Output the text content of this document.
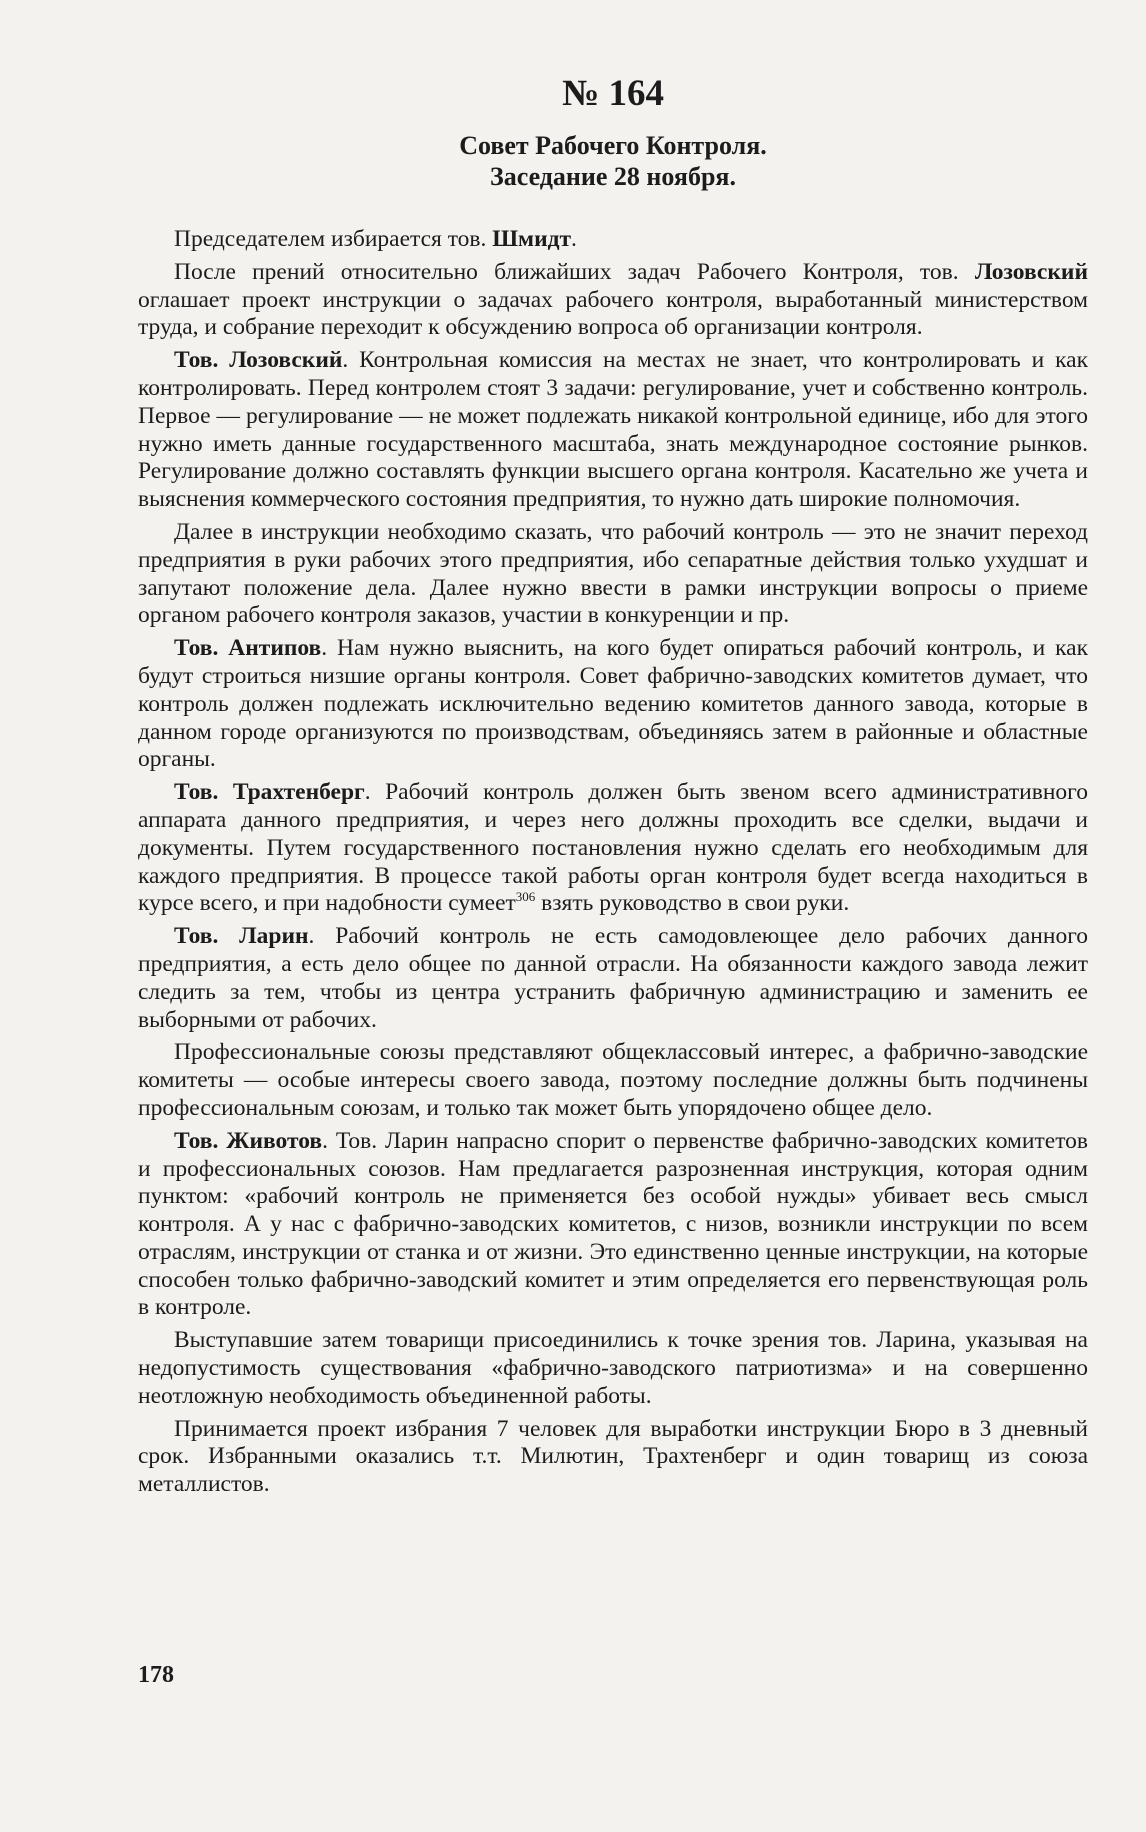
№ 164
Совет Рабочего Контроля.
Заседание 28 ноября.

Председателем избирается тов. Шмидт.

После прений относительно ближайших задач Рабочего Контроля, тов. Лозовский оглашает проект инструкции о задачах рабочего контроля, выработанный министерством труда, и собрание переходит к обсуждению вопроса об организации контроля.

Тов. Лозовский. Контрольная комиссия на местах не знает, что контролировать и как контролировать. Перед контролем стоят 3 задачи: регулирование, учет и собственно контроль. Первое — регулирование — не может подлежать никакой контрольной единице, ибо для этого нужно иметь данные государственного масштаба, знать международное состояние рынков. Регулирование должно составлять функции высшего органа контроля. Касательно же учета и выяснения коммерческого состояния предприятия, то нужно дать широкие полномочия.

Далее в инструкции необходимо сказать, что рабочий контроль — это не значит переход предприятия в руки рабочих этого предприятия, ибо сепаратные действия только ухудшат и запутают положение дела. Далее нужно ввести в рамки инструкции вопросы о приеме органом рабочего контроля заказов, участии в конкуренции и пр.

Тов. Антипов. Нам нужно выяснить, на кого будет опираться рабочий контроль, и как будут строиться низшие органы контроля. Совет фабрично-заводских комитетов думает, что контроль должен подлежать исключительно ведению комитетов данного завода, которые в данном городе организуются по производствам, объединяясь затем в районные и областные органы.

Тов. Трахтенберг. Рабочий контроль должен быть звеном всего административного аппарата данного предприятия, и через него должны проходить все сделки, выдачи и документы. Путем государственного постановления нужно сделать его необходимым для каждого предприятия. В процессе такой работы орган контроля будет всегда находиться в курсе всего, и при надобности сумеет$^{306}$ взять руководство в свои руки.

Тов. Ларин. Рабочий контроль не есть самодовлеющее дело рабочих данного предприятия, а есть дело общее по данной отрасли. На обязанности каждого завода лежит следить за тем, чтобы из центра устранить фабричную администрацию и заменить ее выборными от рабочих.

Профессиональные союзы представляют общеклассовый интерес, а фабрично-заводские комитеты — особые интересы своего завода, поэтому последние должны быть подчинены профессиональным союзам, и только так может быть упорядочено общее дело.

Тов. Животов. Тов. Ларин напрасно спорит о первенстве фабрично-заводских комитетов и профессиональных союзов. Нам предлагается разрозненная инструкция, которая одним пунктом: «рабочий контроль не применяется без особой нужды» убивает весь смысл контроля. А у нас с фабрично-заводских комитетов, с низов, возникли инструкции по всем отраслям, инструкции от станка и от жизни. Это единственно ценные инструкции, на которые способен только фабрично-заводский комитет и этим определяется его первенствующая роль в контроле.

Выступавшие затем товарищи присоединились к точке зрения тов. Ларина, указывая на недопустимость существования «фабрично-заводского патриотизма» и на совершенно неотложную необходимость объединенной работы.

Принимается проект избрания 7 человек для выработки инструкции Бюро в 3 дневный срок. Избранными оказались т.т. Милютин, Трахтенберг и один товарищ из союза металлистов.

178
